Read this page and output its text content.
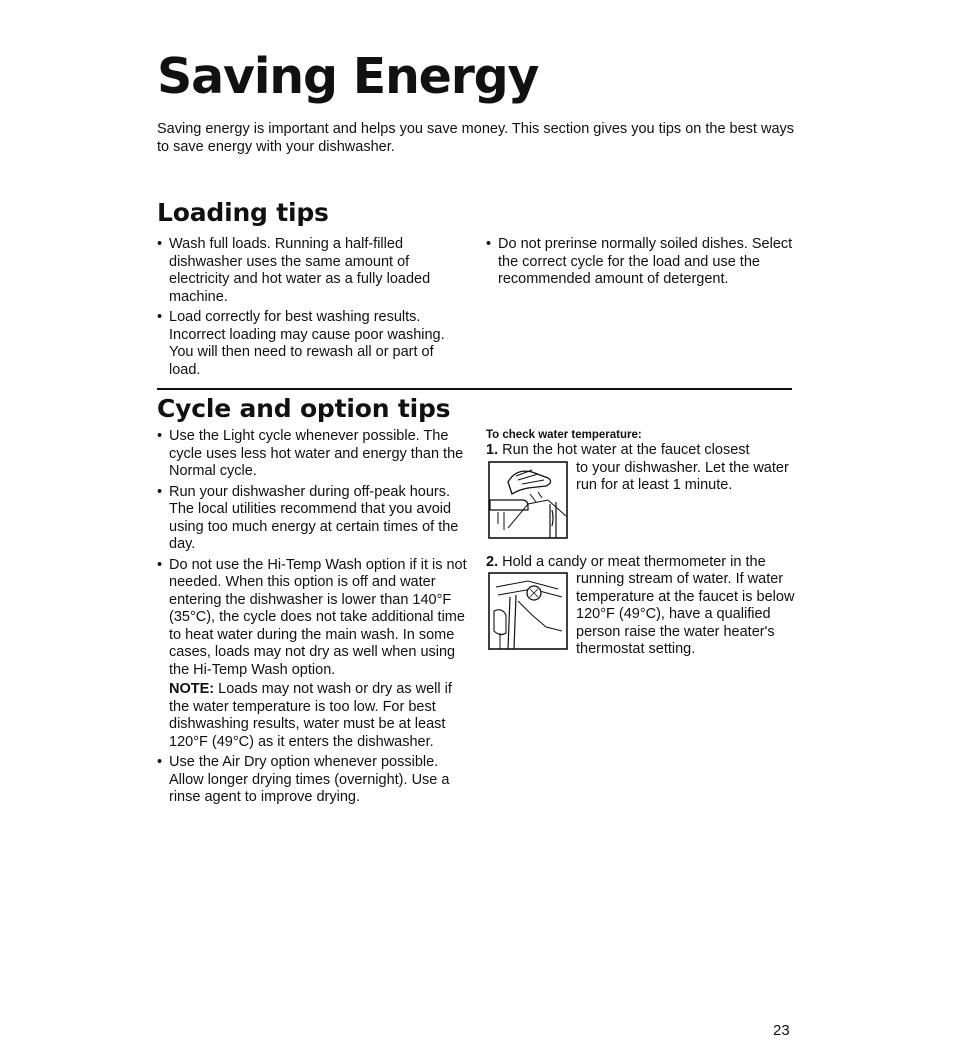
Saving Energy

Saving energy is important and helps you save money. This section gives you tips on the best ways to save energy with your dishwasher.

Loading tips
• Wash full loads. Running a half-filled dishwasher uses the same amount of electricity and hot water as a fully loaded machine.
• Load correctly for best washing results. Incorrect loading may cause poor washing. You will then need to rewash all or part of load.
• Do not prerinse normally soiled dishes. Select the correct cycle for the load and use the recommended amount of detergent.
Cycle and option tips
• Use the Light cycle whenever possible. The cycle uses less hot water and energy than the Normal cycle.
• Run your dishwasher during off-peak hours. The local utilities recommend that you avoid using too much energy at certain times of the day.
• Do not use the Hi-Temp Wash option if it is not needed. When this option is off and water entering the dishwasher is lower than 140°F (35°C), the cycle does not take additional time to heat water during the main wash. In some cases, loads may not dry as well when using the Hi-Temp Wash option.

NOTE: Loads may not wash or dry as well if the water temperature is too low. For best dishwashing results, water must be at least 120°F (49°C) as it enters the dishwasher.

• Use the Air Dry option whenever possible. Allow longer drying times (overnight). Use a rinse agent to improve drying.

To check water temperature:

1. Run the hot water at the faucet closest

to your dishwasher. Let the water run for at least 1 minute.

2. Hold a candy or meat thermometer in the

running stream of water. If water temperature at the faucet is below 120°F (49°C), have a qualified person raise the water heater's thermostat setting.
23
